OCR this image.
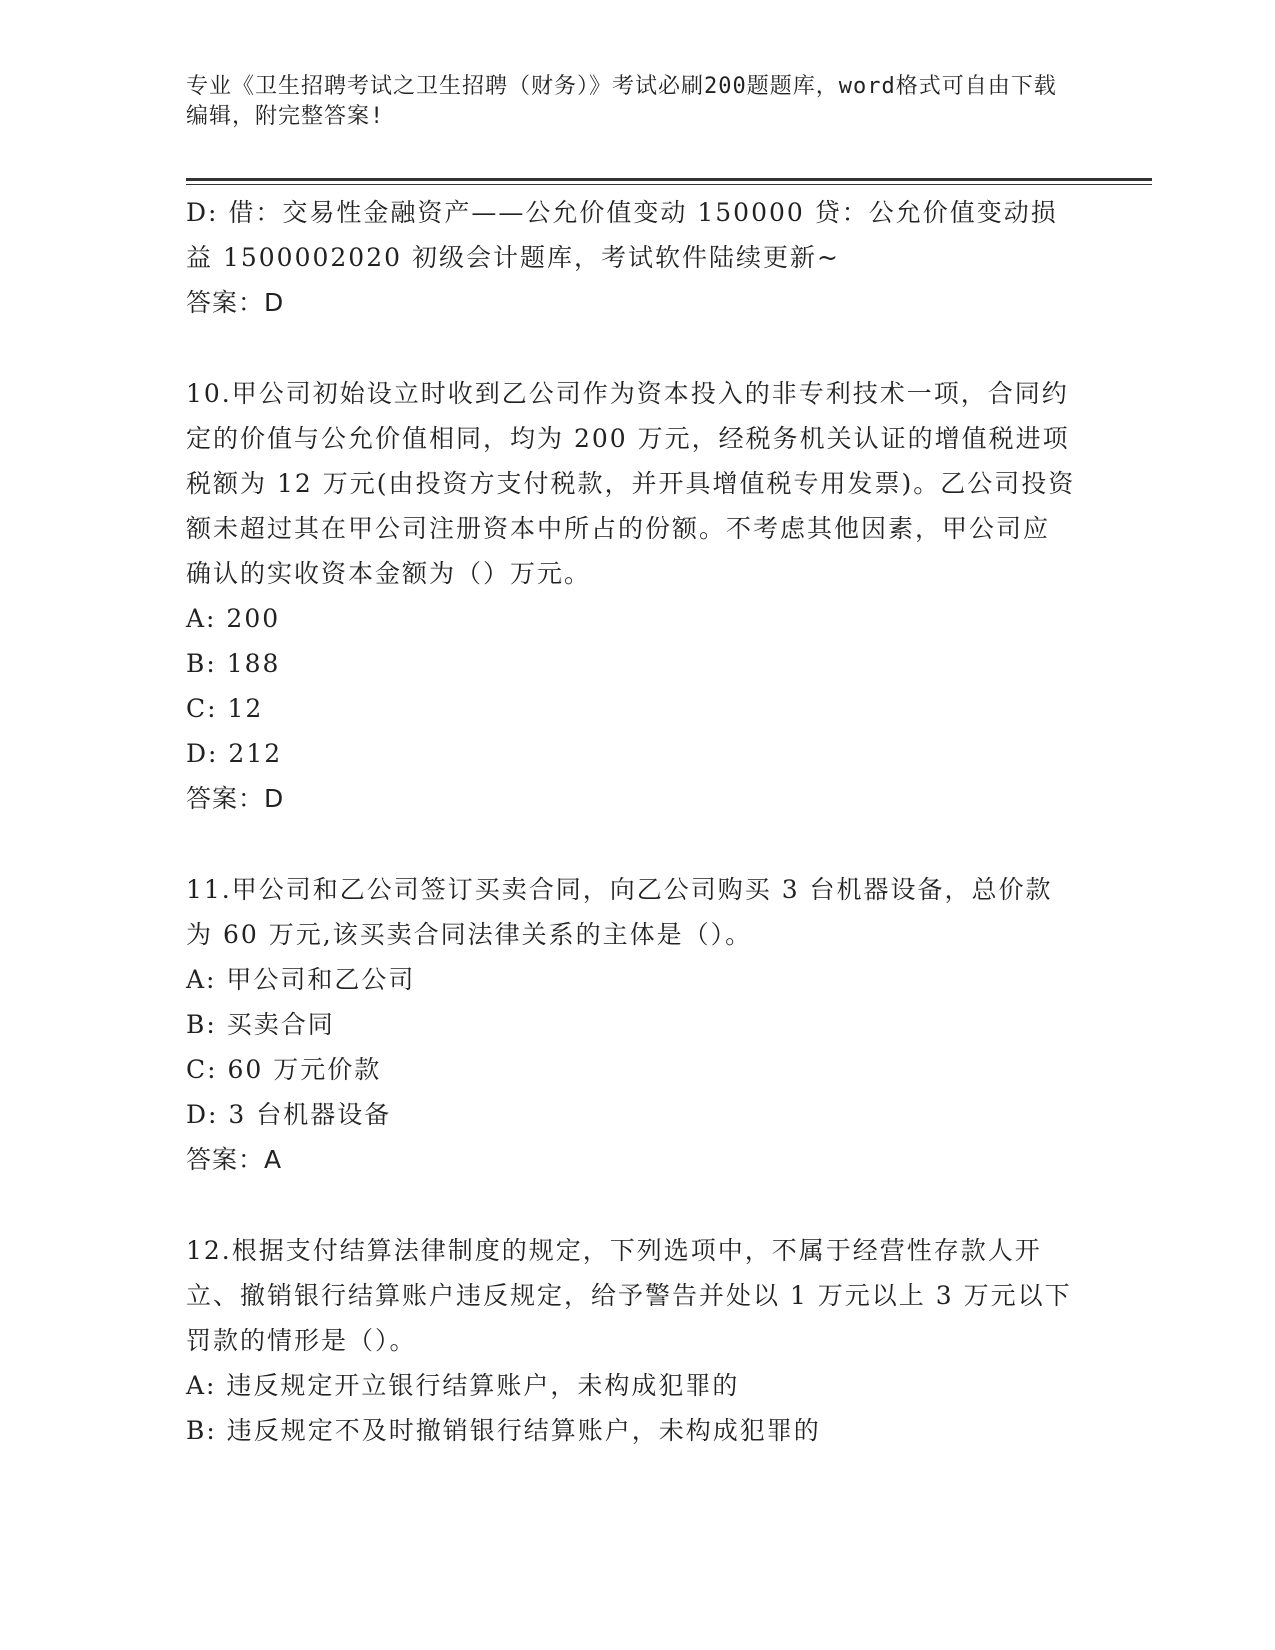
专业《卫生招聘考试之卫生招聘（财务）》考试必刷200题题库，word格式可自由下载编辑，附完整答案!

D: 借：交易性金融资产——公允价值变动 150000 贷：公允价值变动损益 1500002020 初级会计题库，考试软件陆续更新~

答案：D

10.甲公司初始设立时收到乙公司作为资本投入的非专利技术一项，合同约定的价值与公允价值相同，均为 200 万元，经税务机关认证的增值税进项税额为 12 万元(由投资方支付税款，并开具增值税专用发票)。乙公司投资额未超过其在甲公司注册资本中所占的份额。不考虑其他因素，甲公司应确认的实收资本金额为（）万元。

A: 200

B: 188

C: 12

D: 212

答案：D

11.甲公司和乙公司签订买卖合同，向乙公司购买 3 台机器设备，总价款为 60 万元,该买卖合同法律关系的主体是（）。

A: 甲公司和乙公司

B: 买卖合同

C: 60 万元价款

D: 3 台机器设备

答案：A

12.根据支付结算法律制度的规定，下列选项中，不属于经营性存款人开立、撤销银行结算账户违反规定，给予警告并处以 1 万元以上 3 万元以下罚款的情形是（）。

A: 违反规定开立银行结算账户，未构成犯罪的

B: 违反规定不及时撤销银行结算账户，未构成犯罪的
